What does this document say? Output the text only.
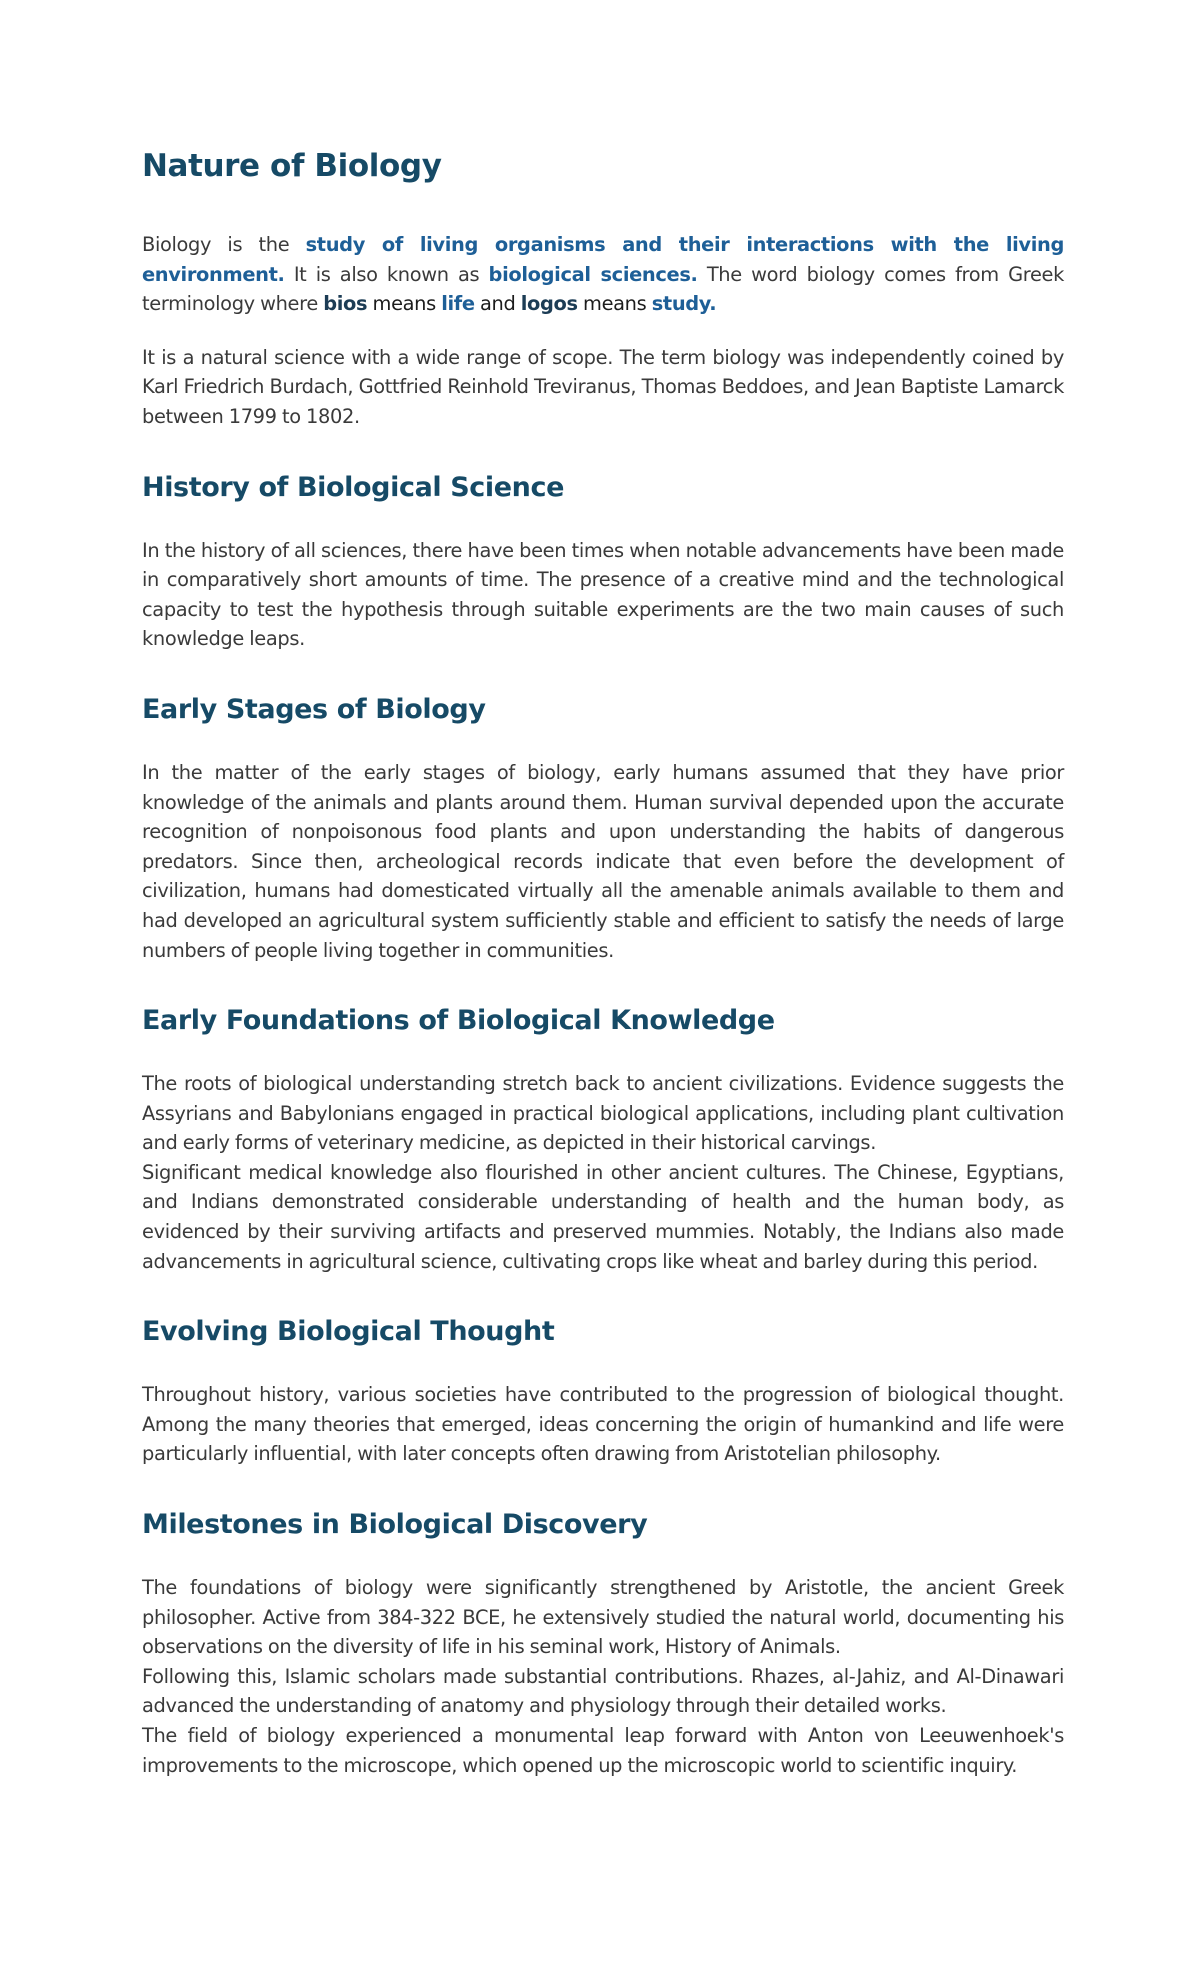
Nature of Biology

Biology is the study of living organisms and their interactions with the living environment. It is also known as biological sciences. The word biology comes from Greek terminology where bios means life and logos means study.

It is a natural science with a wide range of scope. The term biology was independently coined by Karl Friedrich Burdach, Gottfried Reinhold Treviranus, Thomas Beddoes, and Jean Baptiste Lamarck between 1799 to 1802.

History of Biological Science

In the history of all sciences, there have been times when notable advancements have been made in comparatively short amounts of time. The presence of a creative mind and the technological capacity to test the hypothesis through suitable experiments are the two main causes of such knowledge leaps.

Early Stages of Biology

In the matter of the early stages of biology, early humans assumed that they have prior knowledge of the animals and plants around them. Human survival depended upon the accurate recognition of nonpoisonous food plants and upon understanding the habits of dangerous predators. Since then, archeological records indicate that even before the development of civilization, humans had domesticated virtually all the amenable animals available to them and had developed an agricultural system sufficiently stable and efficient to satisfy the needs of large numbers of people living together in communities.

Early Foundations of Biological Knowledge

The roots of biological understanding stretch back to ancient civilizations. Evidence suggests the Assyrians and Babylonians engaged in practical biological applications, including plant cultivation and early forms of veterinary medicine, as depicted in their historical carvings.

Significant medical knowledge also flourished in other ancient cultures. The Chinese, Egyptians, and Indians demonstrated considerable understanding of health and the human body, as evidenced by their surviving artifacts and preserved mummies. Notably, the Indians also made advancements in agricultural science, cultivating crops like wheat and barley during this period.

Evolving Biological Thought

Throughout history, various societies have contributed to the progression of biological thought. Among the many theories that emerged, ideas concerning the origin of humankind and life were particularly influential, with later concepts often drawing from Aristotelian philosophy.

Milestones in Biological Discovery

The foundations of biology were significantly strengthened by Aristotle, the ancient Greek philosopher. Active from 384-322 BCE, he extensively studied the natural world, documenting his observations on the diversity of life in his seminal work, History of Animals.

Following this, Islamic scholars made substantial contributions. Rhazes, al-Jahiz, and Al-Dinawari advanced the understanding of anatomy and physiology through their detailed works.

The field of biology experienced a monumental leap forward with Anton von Leeuwenhoek's improvements to the microscope, which opened up the microscopic world to scientific inquiry.
